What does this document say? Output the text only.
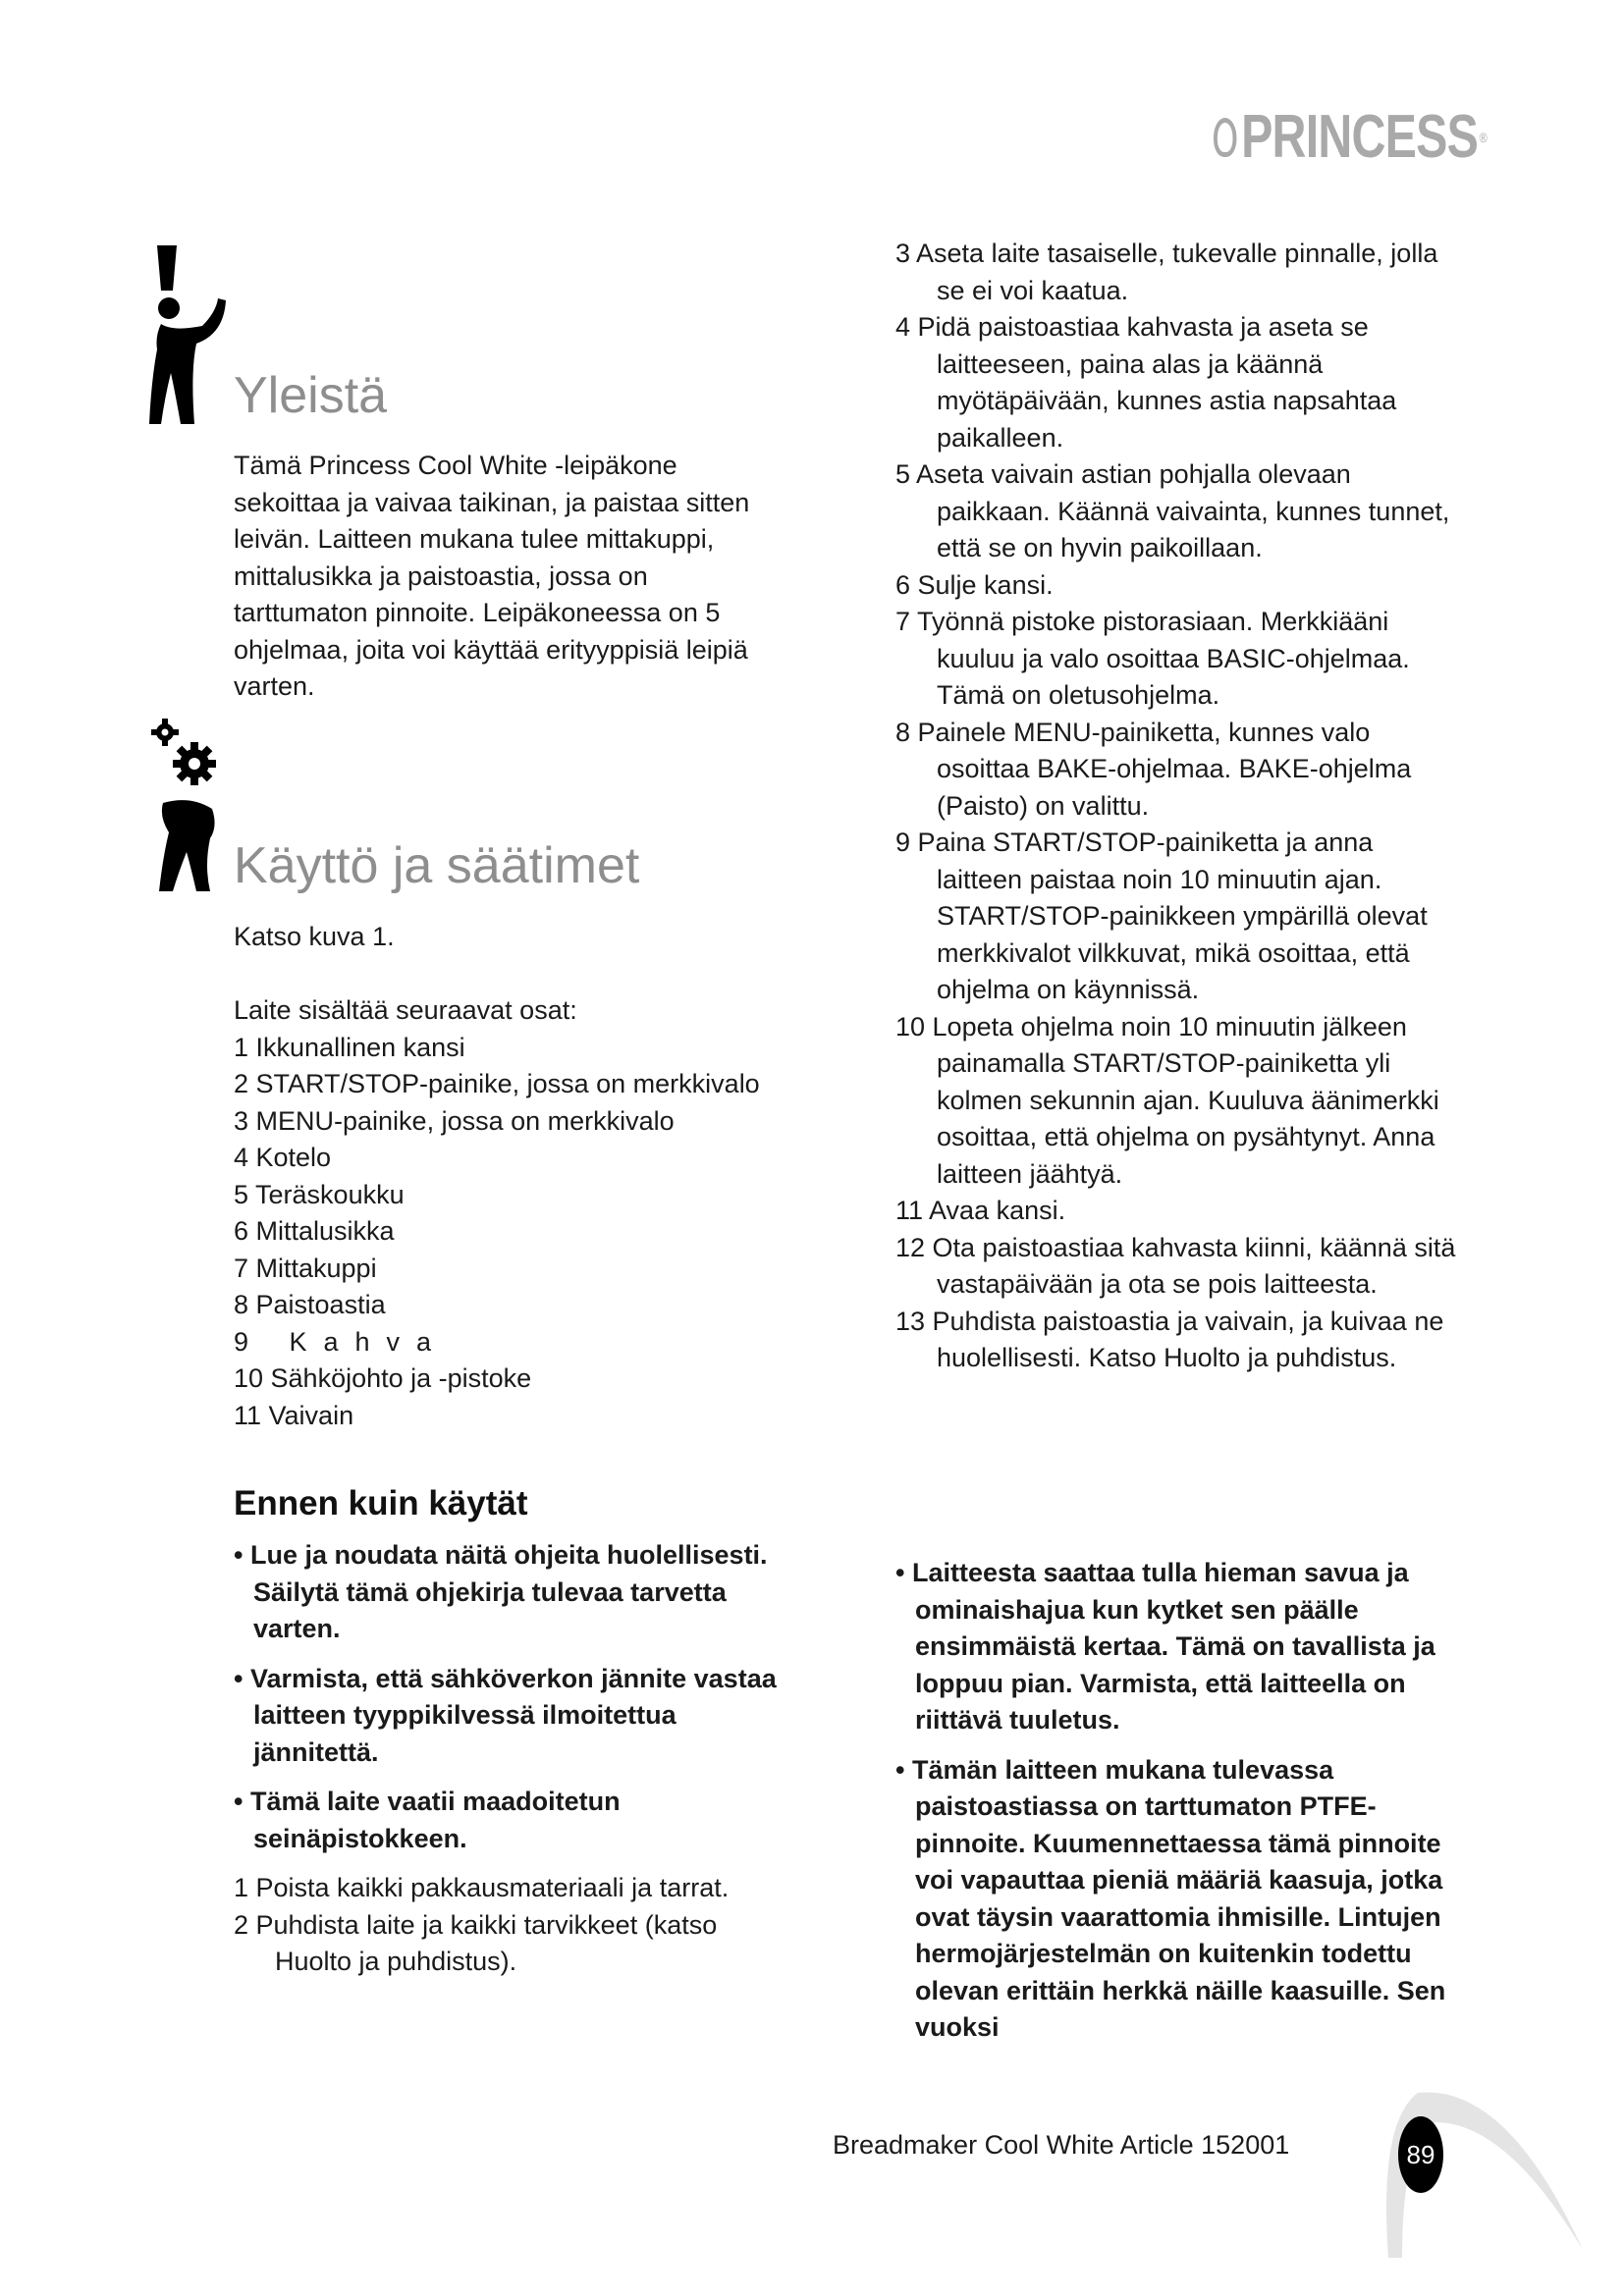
PRINCESS ®
Yleistä

Tämä Princess Cool White -leipäkone sekoittaa ja vaivaa taikinan, ja paistaa sitten leivän. Laitteen mukana tulee mittakuppi, mittalusikka ja paistoastia, jossa on tarttumaton pinnoite. Leipäkoneessa on 5 ohjelmaa, joita voi käyttää erityyppisiä leipiä varten.

Käyttö ja säätimet

Katso kuva 1.

Laite sisältää seuraavat osat:

1 Ikkunallinen kansi
2 START/STOP-painike, jossa on merkkivalo
3 MENU-painike, jossa on merkkivalo
4 Kotelo
5 Teräskoukku
6 Mittalusikka
7 Mittakuppi
8 Paistoastia
9 Kahva
10 Sähköjohto ja -pistoke
11 Vaivain
Ennen kuin käytät
• Lue ja noudata näitä ohjeita huolellisesti. Säilytä tämä ohjekirja tulevaa tarvetta varten.
• Varmista, että sähköverkon jännite vastaa laitteen tyyppikilvessä ilmoitettua jännitettä.
• Tämä laite vaatii maadoitetun seinäpistokkeen.
1 Poista kaikki pakkausmateriaali ja tarrat.
2 Puhdista laite ja kaikki tarvikkeet (katso Huolto ja puhdistus).
3 Aseta laite tasaiselle, tukevalle pinnalle, jolla se ei voi kaatua.
4 Pidä paistoastiaa kahvasta ja aseta se laitteeseen, paina alas ja käännä myötäpäivään, kunnes astia napsahtaa paikalleen.
5 Aseta vaivain astian pohjalla olevaan paikkaan. Käännä vaivainta, kunnes tunnet, että se on hyvin paikoillaan.
6 Sulje kansi.
7 Työnnä pistoke pistorasiaan. Merkkiääni kuuluu ja valo osoittaa BASIC-ohjelmaa. Tämä on oletusohjelma.
8 Painele MENU-painiketta, kunnes valo osoittaa BAKE-ohjelmaa. BAKE-ohjelma (Paisto) on valittu.
9 Paina START/STOP-painiketta ja anna laitteen paistaa noin 10 minuutin ajan. START/STOP-painikkeen ympärillä olevat merkkivalot vilkkuvat, mikä osoittaa, että ohjelma on käynnissä.
10 Lopeta ohjelma noin 10 minuutin jälkeen painamalla START/STOP-painiketta yli kolmen sekunnin ajan. Kuuluva äänimerkki osoittaa, että ohjelma on pysähtynyt. Anna laitteen jäähtyä.
11 Avaa kansi.
12 Ota paistoastiaa kahvasta kiinni, käännä sitä vastapäivään ja ota se pois laitteesta.
13 Puhdista paistoastia ja vaivain, ja kuivaa ne huolellisesti. Katso Huolto ja puhdistus.
• Laitteesta saattaa tulla hieman savua ja ominaishajua kun kytket sen päälle ensimmäistä kertaa. Tämä on tavallista ja loppuu pian. Varmista, että laitteella on riittävä tuuletus.
• Tämän laitteen mukana tulevassa paistoastiassa on tarttumaton PTFE-pinnoite. Kuumennettaessa tämä pinnoite voi vapauttaa pieniä määriä kaasuja, jotka ovat täysin vaarattomia ihmisille. Lintujen hermojärjestelmän on kuitenkin todettu olevan erittäin herkkä näille kaasuille. Sen vuoksi
Breadmaker Cool White Article 152001	89
